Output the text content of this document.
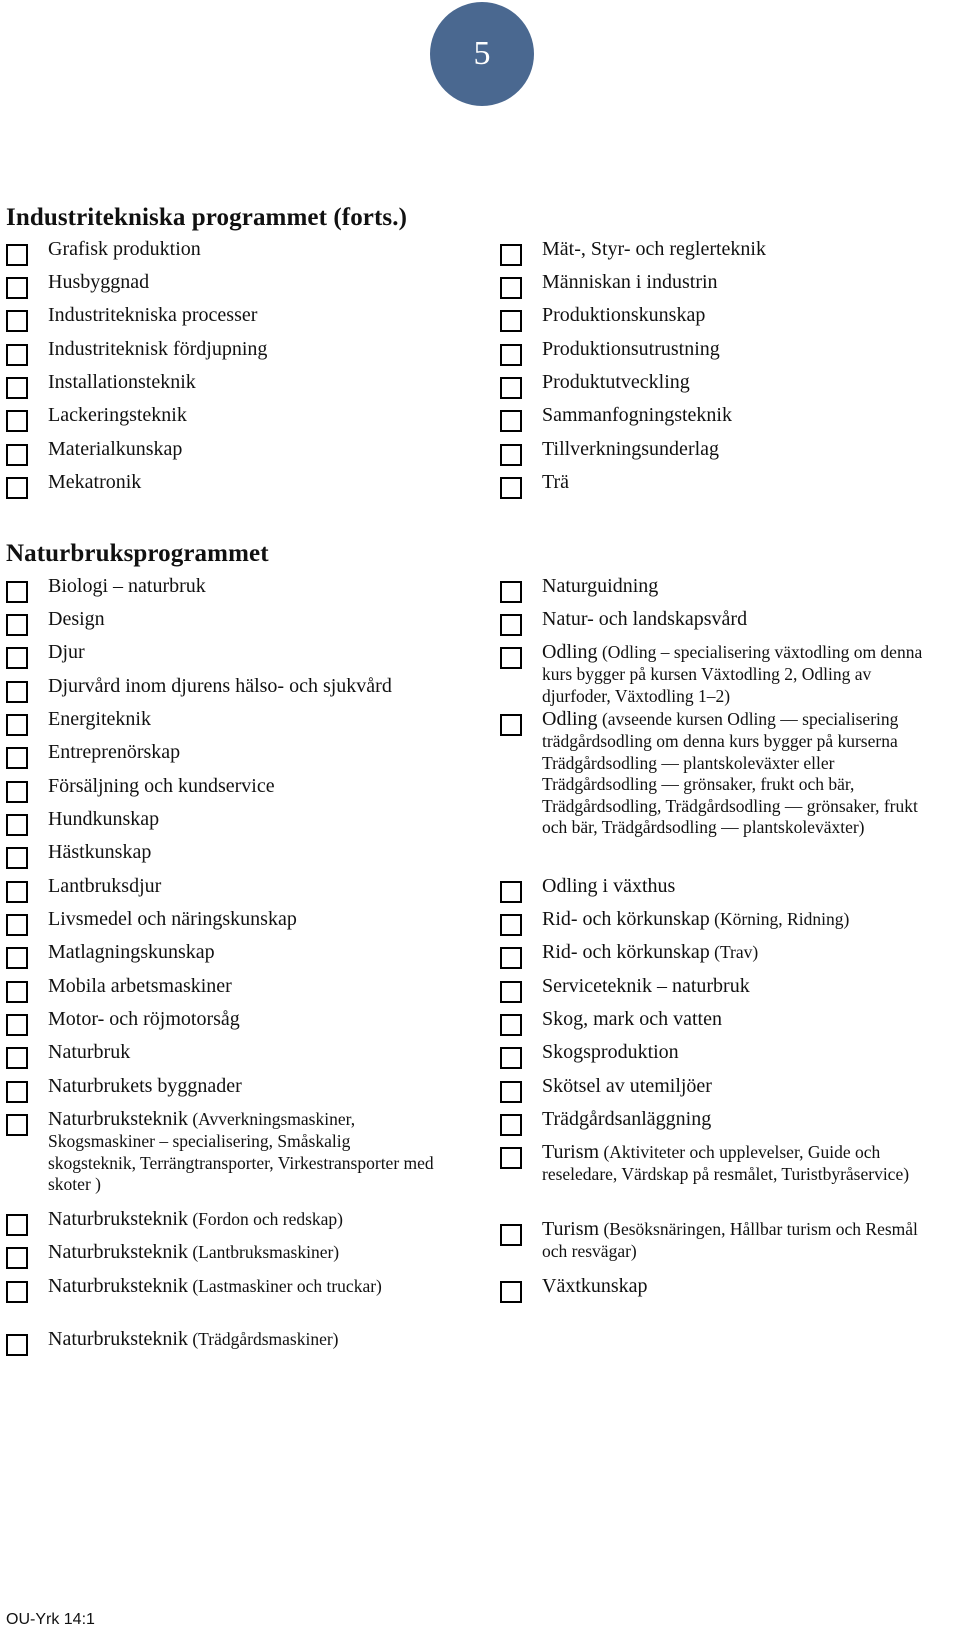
5
Industritekniska programmet (forts.)
Grafisk produktion
Husbyggnad
Industritekniska processer
Industriteknisk fördjupning
Installationsteknik
Lackeringsteknik
Materialkunskap
Mekatronik
Mät-, Styr- och reglerteknik
Människan i industrin
Produktionskunskap
Produktionsutrustning
Produktutveckling
Sammanfogningsteknik
Tillverkningsunderlag
Trä
Naturbruksprogrammet
Biologi – naturbruk
Design
Djur
Djurvård inom djurens hälso- och sjukvård
Energiteknik
Entreprenörskap
Försäljning och kundservice
Hundkunskap
Hästkunskap
Lantbruksdjur
Livsmedel och näringskunskap
Matlagningskunskap
Mobila arbetsmaskiner
Motor- och röjmotorsåg
Naturbruk
Naturbrukets byggnader
Naturbruksteknik (Avverkningsmaskiner, Skogsmaskiner – specialisering, Småskalig skogsteknik, Terrängtransporter, Virkestransporter med skoter )
Naturbruksteknik (Fordon och redskap)
Naturbruksteknik (Lantbruksmaskiner)
Naturbruksteknik (Lastmaskiner och truckar)
Naturbruksteknik (Trädgårdsmaskiner)
Naturguidning
Natur- och landskapsvård
Odling (Odling – specialisering växtodling om denna kurs bygger på kursen Växtodling 2, Odling av djurfoder, Växtodling 1–2)
Odling (avseende kursen Odling — specialisering trädgårdsodling om denna kurs bygger på kurserna Trädgårdsodling — plantskoleväxter eller Trädgårdsodling — grönsaker, frukt och bär, Trädgårdsodling, Trädgårdsodling — grönsaker, frukt och bär, Trädgårdsodling — plantskoleväxter)
Odling i växthus
Rid- och körkunskap (Körning, Ridning)
Rid- och körkunskap (Trav)
Serviceteknik – naturbruk
Skog, mark och vatten
Skogsproduktion
Skötsel av utemiljöer
Trädgårdsanläggning
Turism (Aktiviteter och upplevelser, Guide och reseledare, Värdskap på resmålet, Turistbyråservice)
Turism (Besöksnäringen, Hållbar turism och Resmål och resvägar)
Växtkunskap
OU-Yrk 14:1
